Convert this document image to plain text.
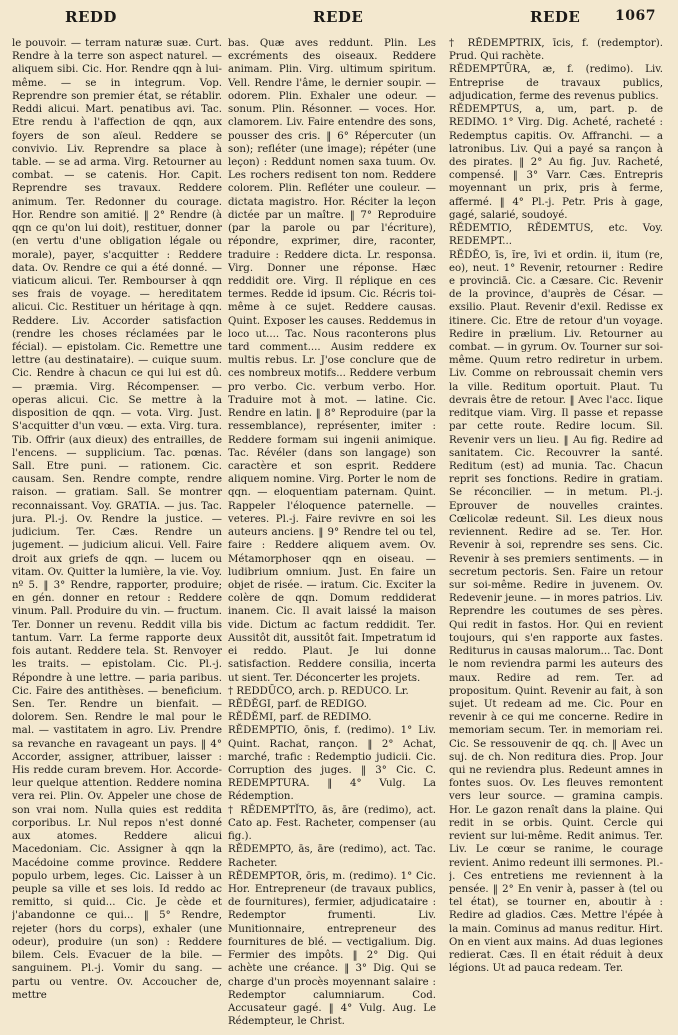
REDD	REDE	REDE 1067

le pouvoir. — terram naturæ suæ. Curt. Rendre à la terre son aspect naturel. — aliquem sibi. Cic. Hor. Rendre qqn à lui-même. — se in integrum. Vop. Reprendre son premier état, se rétablir. Reddi alicui. Mart. penatibus avi. Tac. Etre rendu à l'affection de qqn, aux foyers de son aïeul. Reddere se convivio. Liv. Reprendre sa place à table. — se ad arma. Virg. Retourner au combat. — se catenis. Hor. Capit. Reprendre ses travaux. Reddere animum. Ter. Redonner du courage. Hor. Rendre son amitié. ‖ 2° Rendre (à qqn ce qu'on lui doit), restituer, donner (en vertu d'une obligation légale ou morale), payer, s'acquitter : Reddere data. Ov. Rendre ce qui a été donné. — viaticum alicui. Ter. Rembourser à qqn ses frais de voyage. — hereditatem alicui. Cic. Restituer un héritage à qqn. Reddere. Liv. Accorder satisfaction (rendre les choses réclamées par le fécial). — epistolam. Cic. Remettre une lettre (au destinataire). — cuique suum. Cic. Rendre à chacun ce qui lui est dû. — præmia. Virg. Récompenser. — operas alicui. Cic. Se mettre à la disposition de qqn. — vota. Virg. Just. S'acquitter d'un vœu. — exta. Virg. tura. Tib. Offrir (aux dieux) des entrailles, de l'encens. — supplicium. Tac. pœnas. Sall. Etre puni. — rationem. Cic. causam. Sen. Rendre compte, rendre raison. — gratiam. Sall. Se montrer reconnaissant. Voy. GRATIA. — jus. Tac. jura. Pl.-j. Ov. Rendre la justice. — judicium. Ter. Cæs. Rendre un jugement. — judicium alicui. Vell. Faire droit aux griefs de qqn. — lucem ou vitam. Ov. Quitter la lumière, la vie. Voy. nº 5. ‖ 3° Rendre, rapporter, produire; en gén. donner en retour : Reddere vinum. Pall. Produire du vin. — fructum. Ter. Donner un revenu. Reddit villa bis tantum. Varr. La ferme rapporte deux fois autant. Reddere tela. St. Renvoyer les traits. — epistolam. Cic. Pl.-j. Répondre à une lettre. — paria paribus. Cic. Faire des antithèses. — beneficium. Sen. Ter. Rendre un bienfait. — dolorem. Sen. Rendre le mal pour le mal. — vastitatem in agro. Liv. Prendre sa revanche en ravageant un pays. ‖ 4° Accorder, assigner, attribuer, laisser : His redde curam brevem. Hor. Accorde-leur quelque attention. Reddere nomina vera rei. Plin. Ov. Appeler une chose de son vrai nom. Nulla quies est reddita corporibus. Lr. Nul repos n'est donné aux atomes. Reddere alicui Macedoniam. Cic. Assigner à qqn la Macédoine comme province. Reddere populo urbem, leges. Cic. Laisser à un peuple sa ville et ses lois. Id reddo ac remitto, si quid... Cic. Je cède et j'abandonne ce qui... ‖ 5° Rendre, rejeter (hors du corps), exhaler (une odeur), produire (un son) : Reddere bilem. Cels. Evacuer de la bile. — sanguinem. Pl.-j. Vomir du sang. — partu ou ventre. Ov. Accoucher de, mettre

bas. Quæ aves reddunt. Plin. Les excréments des oiseaux. Reddere animam. Plin. Virg. ultimum spiritum. Vell. Rendre l'âme, le dernier soupir. — odorem. Plin. Exhaler une odeur. — sonum. Plin. Résonner. — voces. Hor. clamorem. Liv. Faire entendre des sons, pousser des cris. ‖ 6° Répercuter (un son); refléter (une image); répéter (une leçon) : Reddunt nomen saxa tuum. Ov. Les rochers redisent ton nom. Reddere colorem. Plin. Refléter une couleur. — dictata magistro. Hor. Réciter la leçon dictée par un maître. ‖ 7° Reproduire (par la parole ou par l'écriture), répondre, exprimer, dire, raconter, traduire : Reddere dicta. Lr. responsa. Virg. Donner une réponse. Hæc reddidit ore. Virg. Il réplique en ces termes. Redde id ipsum. Cic. Récris toi-même à ce sujet. Reddere causas. Quint. Exposer les causes. Reddemus in loco ut.... Tac. Nous raconterons plus tard comment.... Ausim reddere ex multis rebus. Lr. J'ose conclure que de ces nombreux motifs... Reddere verbum pro verbo. Cic. verbum verbo. Hor. Traduire mot à mot. — latine. Cic. Rendre en latin. ‖ 8° Reproduire (par la ressemblance), représenter, imiter : Reddere formam sui ingenii animique. Tac. Révéler (dans son langage) son caractère et son esprit. Reddere aliquem nomine. Virg. Porter le nom de qqn. — eloquentiam paternam. Quint. Rappeler l'éloquence paternelle. — veteres. Pl.-j. Faire revivre en soi les auteurs anciens. ‖ 9° Rendre tel ou tel, faire : Reddere aliquem avem. Ov. Métamorphoser qqn en oiseau. — ludibrium omnium. Just. En faire un objet de risée. — iratum. Cic. Exciter la colère de qqn. Domum reddiderat inanem. Cic. Il avait laissé la maison vide. Dictum ac factum reddidit. Ter. Aussitôt dit, aussitôt fait. Impetratum id ei reddo. Plaut. Je lui donne satisfaction. Reddere consilia, incerta ut sient. Ter. Déconcerter les projets.

† REDDŪCO, arch. p. REDUCO. Lr.

RĔDĔGI, parf. de REDIGO.

RĔDĔMI, parf. de REDIMO.

RĔDEMPTIO, ōnis, f. (redimo). 1° Liv. Quint. Rachat, rançon. ‖ 2° Achat, marché, trafic : Redemptio judicii. Cic. Corruption des juges. ‖ 3° Cic. C. REDEMPTURA. ‖ 4° Vulg. La Rédemption.

† RĔDEMPTĬTO, ās, āre (redimo), act. Cato ap. Fest. Racheter, compenser (au fig.).

RĔDEMPTO, ās, āre (redimo), act. Tac. Racheter.

RĔDEMPTOR, ōris, m. (redimo). 1° Cic. Hor. Entrepreneur (de travaux publics, de fournitures), fermier, adjudicataire : Redemptor frumenti. Liv. Munitionnaire, entrepreneur des fournitures de blé. — vectigalium. Dig. Fermier des impôts. ‖ 2° Dig. Qui achète une créance. ‖ 3° Dig. Qui se charge d'un procès moyennant salaire : Redemptor calumniarum. Cod. Accusateur gagé. ‖ 4° Vulg. Aug. Le Rédempteur, le Christ.

† RĔDEMPTRIX, īcis, f. (redemptor). Prud. Qui rachète.

RĔDEMPTŪRA, æ, f. (redimo). Liv. Entreprise de travaux publics, adjudication, ferme des revenus publics.

RĔDEMPTUS, a, um, part. p. de REDIMO. 1° Virg. Dig. Acheté, racheté : Redemptus capitis. Ov. Affranchi. — a latronibus. Liv. Qui a payé sa rançon à des pirates. ‖ 2° Au fig. Juv. Racheté, compensé. ‖ 3° Varr. Cæs. Entrepris moyennant un prix, pris à ferme, affermé. ‖ 4° Pl.-j. Petr. Pris à gage, gagé, salarié, soudoyé.

RĔDEMTIO, RĔDEMTUS, etc. Voy. REDEMPT...

RĔDĔO, īs, ĭre, īvi et ordin. ii, itum (re, eo), neut. 1° Revenir, retourner : Redire e provinciā. Cic. a Cæsare. Cic. Revenir de la province, d'auprès de César. — exsilio. Plaut. Revenir d'exil. Redisse ex itinere. Cic. Etre de retour d'un voyage. Redire in prælium. Liv. Retourner au combat. — in gyrum. Ov. Tourner sur soi-même. Quum retro rediretur in urbem. Liv. Comme on rebroussait chemin vers la ville. Reditum oportuit. Plaut. Tu devrais être de retour. ‖ Avec l'acc. Iique reditque viam. Virg. Il passe et repasse par cette route. Redire locum. Sil. Revenir vers un lieu. ‖ Au fig. Redire ad sanitatem. Cic. Recouvrer la santé. Reditum (est) ad munia. Tac. Chacun reprit ses fonctions. Redire in gratiam. Se réconcilier. — in metum. Pl.-j. Eprouver de nouvelles craintes. Cœlicolæ redeunt. Sil. Les dieux nous reviennent. Redire ad se. Ter. Hor. Revenir à soi, reprendre ses sens. Cic. Revenir à ses premiers sentiments. — in secretum pectoris. Sen. Faire un retour sur soi-même. Redire in juvenem. Ov. Redevenir jeune. — in mores patrios. Liv. Reprendre les coutumes de ses pères. Qui redit in fastos. Hor. Qui en revient toujours, qui s'en rapporte aux fastes. Rediturus in causas malorum... Tac. Dont le nom reviendra parmi les auteurs des maux. Redire ad rem. Ter. ad propositum. Quint. Revenir au fait, à son sujet. Ut redeam ad me. Cic. Pour en revenir à ce qui me concerne. Redire in memoriam secum. Ter. in memoriam rei. Cic. Se ressouvenir de qq. ch. ‖ Avec un suj. de ch. Non reditura dies. Prop. Jour qui ne reviendra plus. Redeunt amnes in fontes suos. Ov. Les fleuves remontent vers leur source. — gramina campis. Hor. Le gazon renaît dans la plaine. Qui redit in se orbis. Quint. Cercle qui revient sur lui-même. Redit animus. Ter. Liv. Le cœur se ranime, le courage revient. Animo redeunt illi sermones. Pl.-j. Ces entretiens me reviennent à la pensée. ‖ 2° En venir à, passer à (tel ou tel état), se tourner en, aboutir à : Redire ad gladios. Cæs. Mettre l'épée à la main. Cominus ad manus reditur. Hirt. On en vient aux mains. Ad duas legiones redierat. Cæs. Il en était réduit à deux légions. Ut ad pauca redeam. Ter.
